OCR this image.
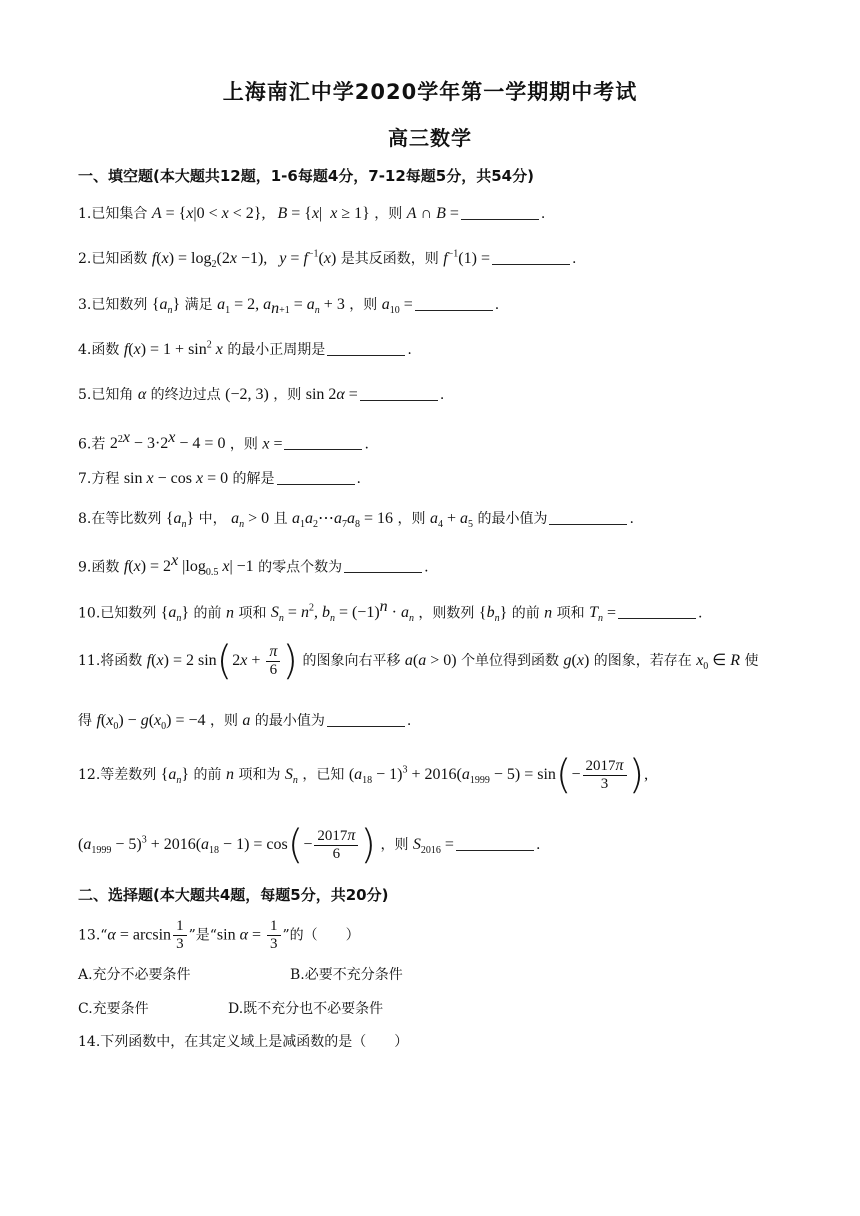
上海南汇中学2020学年第一学期期中考试
高三数学
一、填空题(本大题共12题，1-6每题4分，7-12每题5分，共54分)
1.已知集合 A = {x|0 < x < 2},   B = {x|  x ≥ 1} ，则 A ∩ B =	.
2.已知函数 $f(x) = \log_2(2x -1)$,   $y = f^{-1}(x)$ 是其反函数，则 $f^{-1}(1)$ =	.
3.已知数列 $\{a_n\}$ 满足 $a_1 = 2$, $a_{n+1} = a_n + 3$ ，则 $a_{10}$ =	.
4.函数 $f(x) = 1 + \sin^2 x$ 的最小正周期是	.
5.已知角 α 的终边过点 (−2, 3) ，则 sin 2α =	.
6.若 $2^{2x} - 3\cdot 2^x - 4 = 0$ ，则 x =	.
7.方程 sin x − cos x = 0 的解是	.
8.在等比数列 $\{a_n\}$ 中， $a_n > 0$ 且 $a_1a_2\cdots a_7a_8 = 16$ ，则 $a_4 + a_5$ 的最小值为	.
9.函数 $f(x) = 2^x$ $|\log_{0.5}$ x| −1 的零点个数为	.
10.已知数列 $\{a_n\}$ 的前 n 项和 $S_n = n^2$, $b_n = (-1)^n \cdot a_n$ ，则数列 $\{b_n\}$ 的前 n 项和 $T_n$ =	.
11.将函数 f(x) = 2 $\sin(2x + \frac{\pi}{6}$ ) 的图象向右平移 a(a > 0) 个单位得到函数 g(x) 的图象，若存在 $x_0$ ∈ R 使
得 $f(x_0) - g(x_0) = -4$ ，则 a 的最小值为	.
12.等差数列 $\{a_n\}$ 的前 n 项和为 $S_n$ ，已知 $(a_{18} - 1)^3 + 2016(a_{1999} - 5) = \sin(- \frac{2017\pi}{3}$ ),
$(a_{1999} - 5)^3 + 2016(a_{18} - 1) = \cos(- \frac{2017\pi}{6}$ ) ，则 $S_{2016}$ =	.
二、选择题(本大题共4题，每题5分，共20分)
13.“α = $\arcsin \frac{1}{3}$ ”是“sin $\alpha = \frac{1}{3}$ ”的（　　）
A.充分不必要条件	B.必要不充分条件
C.充要条件	D.既不充分也不必要条件
14.下列函数中，在其定义域上是减函数的是（　　）
